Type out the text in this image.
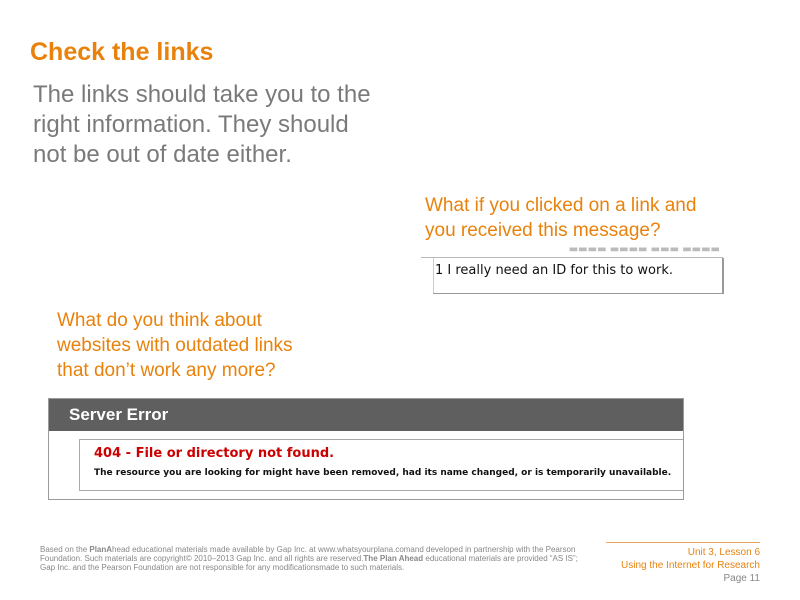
Check the links

The links should take you to the right information. They should not be out of date either.

▬▬▬▬ ▬▬▬▬ ▬▬▬ ▬▬▬▬
1 I really need an ID for this to work.

What if you clicked on a link and you received this message?

What do you think about websites with outdated links that don’t work any more?

Server Error
404 - File or directory not found.
The resource you are looking for might have been removed, had its name changed, or is temporarily unavailable.
Based on the PlanAhead educational materials made available by Gap Inc. at www.whatsyourplana.comand developed in partnership with the Pearson Foundation. Such materials are copyright© 2010–2013 Gap Inc. and all rights are reserved.The Plan Ahead educational materials are provided “AS IS”; Gap Inc. and the Pearson Foundation are not responsible for any modificationsmade to such materials.
Unit 3, Lesson 6
Using the Internet for Research
Page 11
